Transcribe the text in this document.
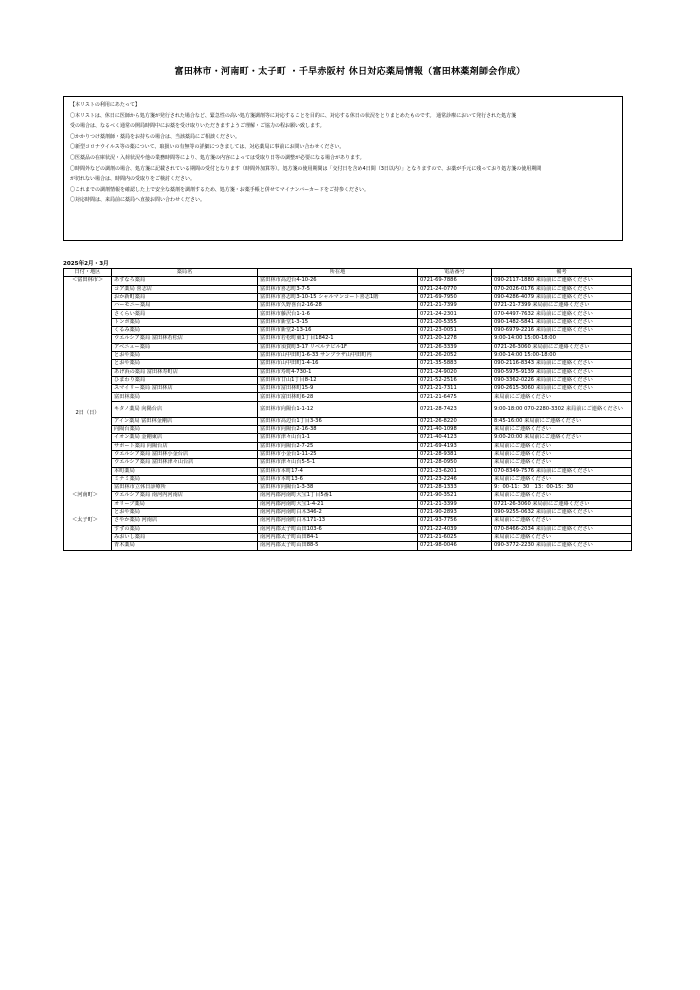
富田林市・河南町・太子町 ・千早赤阪村 休日対応薬局情報（富田林薬剤師会作成）
【本リストの利用にあたって】
〇本リストは、休日に医師から処方箋が発行された場合など、緊急性の高い処方箋調剤等に対応することを目的に、対応する休日の状況をとりまとめたものです。 通常診療において発行された処方箋
受の場合は、なるべく通常の開局時間中にお薬を受け取りいただきますようご理解・ご協力の程お願い致します。
〇かかりつけ薬剤師・薬局をお持ちの場合は、当該薬局にご相談ください。
〇新型コロナウイルス等の薬について、取扱いの有無等の詳細につきましては、対応薬局に事前にお問い合わせください。
〇医薬品の在庫状況・入荷状況や他の業務時間等により、処方箋の内容によっては受取り日等の調整が必要になる場合があります。
〇時間外などの調剤の場合、処方箋に記載されている期間の受付となります（時間外加算等）。処方箋の使用期間は「交付日を含め4日間（3日以内）」となりますので、お薬が手元に残っており処方箋の使用期間
が切れない場合は、時間内の受取りをご検討ください。
〇これまでの調剤情報を確認した上で安全な薬剤を調剤するため、処方箋・お薬手帳と併せてマイナンバーカードをご持参ください。
〇対応時間は、来局前に薬局へ直接お問い合わせください。
2025年2月・3月
日付・地区	薬局名	所在地	電話番号	備考
2日（日）	＜富田林市＞ あすなろ薬局	富田林市高辺台4-10-26	0721-69-7886	090-2117-1880 来局前にご連絡ください
	コア薬局 喜志店	富田林市喜志町3-7-5	0721-24-0770	070-2026-0176 来局前にご連絡ください
	おか新町薬局	富田林市喜志町3-10-15 シャルマンコート喜志1階	0721-69-7950	090-4286-4079 来局前にご連絡ください
	ハーモニー薬局	富田林市久野喜台2-16-28	0721-21-7399	0721-21-7399 来局前にご連絡ください
	さくらい薬局	富田林市藤沢台1-1-6	0721-24-2301	070-4497-7632 来局前にご連絡ください
	トンボ薬局	富田林市新堂1-3-15	0721-20-5355	090-1482-5841 来局前にご連絡ください
	くるみ薬局	富田林市新堂2-13-16	0721-23-0051	090-6979-2216 来局前にご連絡ください
	ウエルシア薬局 富田林若松店	富田林市若松町東1丁目1842-1	0721-20-1278	9:00-14:00 15:00-18:00
	アベニュー薬局	富田林市須賀町3-17 リベルテビル1F	0721-26-3339	0721-26-3060 来局前にご連絡ください
	とおや薬局	富田林市山中田町1-6-33 サンプラザ山中田町内	0721-26-2052	9:00-14:00 15:00-18:00
	とおや薬局	富田林市山中田町1-4-16	0721-35-5883	090-2116-8343 来局前にご連絡ください
	あげ浜の薬局 富田林寿町店	富田林市寿町4-730-1	0721-24-9020	090-5975-9139 来局前にご連絡ください
	ひまわり薬局	富田林市廿山1丁目8-12	0721-52-2516	090-3362-0226 来局前にご連絡ください
	スマイリー薬局 富田林店	富田林市富田林町15-9	0721-21-7311	090-2615-3060 来局前にご連絡ください
	富田林薬局	富田林市富田林町6-28	0721-21-6475	来局前にご連絡ください
	キタノ薬局 向陽台店	富田林市向陽台1-1-12	0721-28-7423	9:00-18:00 070-2280-3302 来局前にご連絡ください
	アイン薬局 富田林金剛店	富田林市高辺台1丁目3-36	0721-26-8220	8:45-16:00 来局前にご連絡ください
	向陽台薬局	富田林市向陽台2-16-38	0721-40-1098	来局前にご連絡ください
	イオン薬局 金剛東店	富田林市津々山台1-1	0721-40-4123	9:00-20:00 来局前にご連絡ください
	サポート薬局 向陽台店	富田林市向陽台2-7-25	0721-69-4193	来局前にご連絡ください
	ウエルシア薬局 富田林小金台店	富田林市小金台1-11-25	0721-28-9381	来局前にご連絡ください
	ウエルシア薬局 富田林津々山台店	富田林市津々山台5-5-1	0721-28-0950	来局前にご連絡ください
	本町薬局	富田林市本町17-4	0721-23-6201	070-8349-7576 来局前にご連絡ください
	ミナミ薬局	富田林市本町13-6	0721-23-2246	来局前にご連絡ください
	富田林市立休日診療所	富田林市向陽台1-3-38	0721-28-1333	9：00-11：30　13：00-15：30

	＜河南町＞ ウエルシア薬局 南河内河南店	南河内郡河南町大宝1丁目5番1	0721-90-3521	来局前にご連絡ください
	オリーブ薬局	南河内郡河南町大宝1-4-21	0721-21-3399	0721-26-3060 来局前にご連絡ください
	とおや薬局	南河内郡河南町白木346-2	0721-90-2893	090-9255-0632 来局前にご連絡ください

	＜太子町＞ さやか薬局 河南店	南河内郡河南町白木171-13	0721-93-7756	来局前にご連絡ください
	すずの薬局	南河内郡太子町山田103-6	0721-22-4039	070-8466-2034 来局前にご連絡ください
	みおいし薬局	南河内郡太子町山田84-1	0721-21-6025	来局前にご連絡ください
	青木薬局	南河内郡太子町山田88-5	0721-98-0046	090-3772-2230 来局前にご連絡ください
